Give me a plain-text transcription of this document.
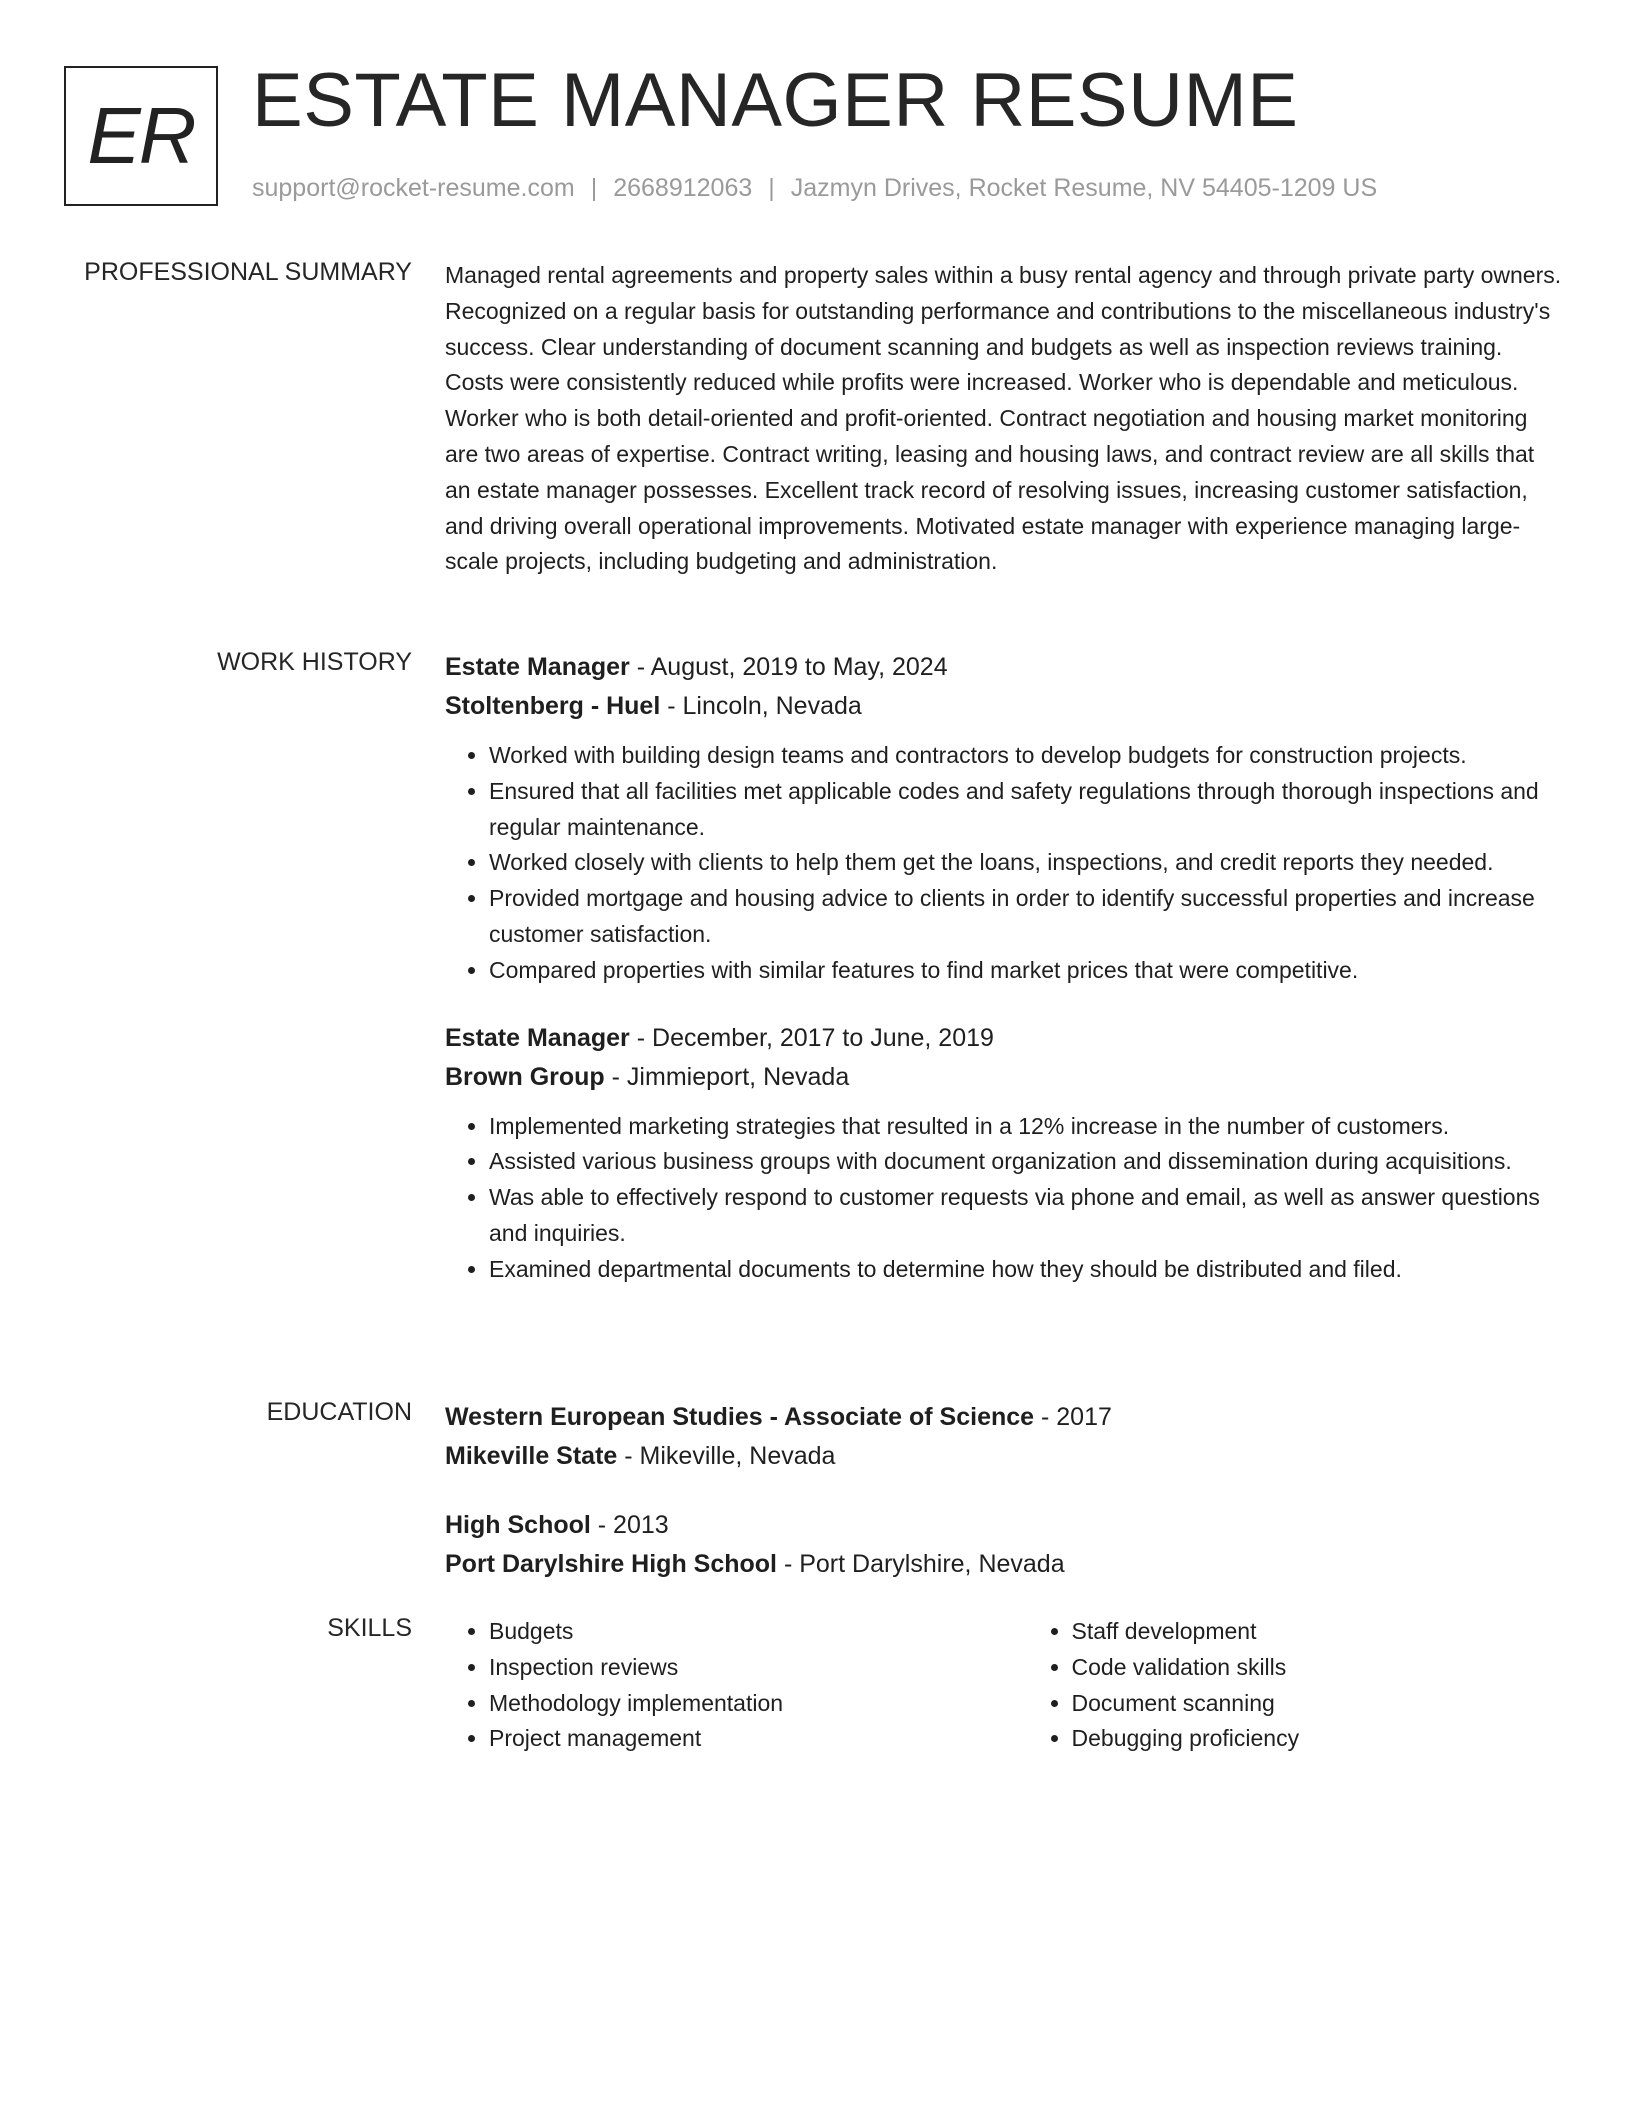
ER ESTATE MANAGER RESUME
support@rocket-resume.com | 2668912063 | Jazmyn Drives, Rocket Resume, NV 54405-1209 US
PROFESSIONAL SUMMARY Managed rental agreements and property sales within a busy rental agency and through private party owners. Recognized on a regular basis for outstanding performance and contributions to the miscellaneous industry's success. Clear understanding of document scanning and budgets as well as inspection reviews training. Costs were consistently reduced while profits were increased. Worker who is dependable and meticulous. Worker who is both detail-oriented and profit-oriented. Contract negotiation and housing market monitoring are two areas of expertise. Contract writing, leasing and housing laws, and contract review are all skills that an estate manager possesses. Excellent track record of resolving issues, increasing customer satisfaction, and driving overall operational improvements. Motivated estate manager with experience managing large-scale projects, including budgeting and administration.

WORK HISTORY Estate Manager - August, 2019 to May, 2024
Stoltenberg - Huel - Lincoln, Nevada
• Worked with building design teams and contractors to develop budgets for construction projects.
• Ensured that all facilities met applicable codes and safety regulations through thorough inspections and regular maintenance.
• Worked closely with clients to help them get the loans, inspections, and credit reports they needed.
• Provided mortgage and housing advice to clients in order to identify successful properties and increase customer satisfaction.
• Compared properties with similar features to find market prices that were competitive.
Estate Manager - December, 2017 to June, 2019
Brown Group - Jimmieport, Nevada
• Implemented marketing strategies that resulted in a 12% increase in the number of customers.
• Assisted various business groups with document organization and dissemination during acquisitions.
• Was able to effectively respond to customer requests via phone and email, as well as answer questions and inquiries.
• Examined departmental documents to determine how they should be distributed and filed.
EDUCATION Western European Studies - Associate of Science - 2017
Mikeville State - Mikeville, Nevada
High School - 2013
Port Darylshire High School - Port Darylshire, Nevada
SKILLS
•	Budgets
• Inspection reviews
• Methodology implementation
• Project management
• Staff development
• Code validation skills
• Document scanning
• Debugging proficiency
